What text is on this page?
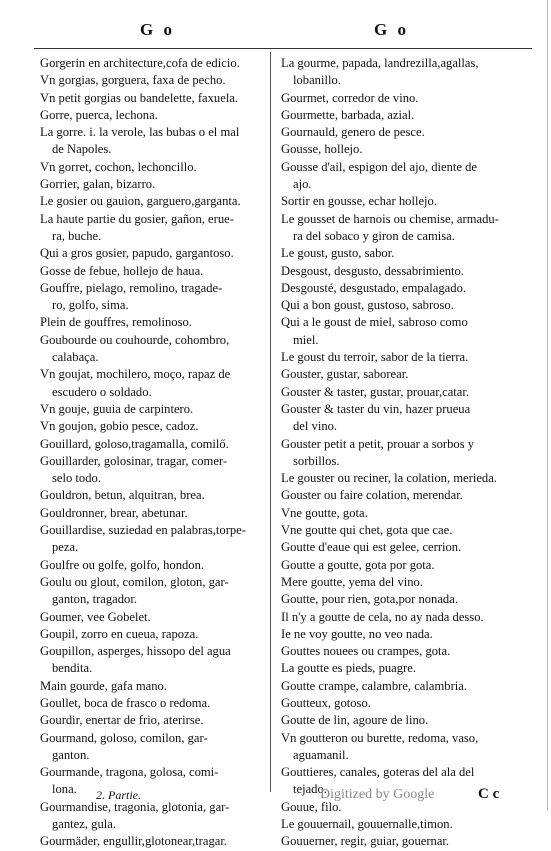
G o	G o
Gorgerin en architecture,cofa de edicio.
Vn gorgias, gorguera, faxa de pecho.
Vn petit gorgias ou bandelette, faxuela.
Gorre, puerca, lechona.
La gorre. i. la verole, las bubas o el mal
de Napoles.
Vn gorret, cochon, lechoncillo.
Gorrier, galan, bizarro.
Le gosier ou gauion, garguero,garganta.
La haute partie du gosier, gañon, erue-
ra, buche.
Qui a gros gosier, papudo, gargantoso.
Gosse de febue, hollejo de haua.
Gouffre, pielago, remolino, tragade-
ro, golfo, sima.
Plein de gouffres, remolinoso.
Goubourde ou couhourde, cohombro,
calabaça.
Vn goujat, mochilero, moço, rapaz de
escudero o soldado.
Vn gouje, guuia de carpintero.
Vn goujon, gobio pesce, cadoz.
Gouillard, goloso,tragamalla, comilő.
Gouillarder, golosinar, tragar, comer-
selo todo.
Gouldron, betun, alquitran, brea.
Gouldronner, brear, abetunar.
Gouillardise, suziedad en palabras,torpe-
peza.
Goulfre ou golfe, golfo, hondon.
Goulu ou glout, comilon, gloton, gar-
ganton, tragador.
Goumer, vee Gobelet.
Goupil, zorro en cueua, rapoza.
Goupillon, asperges, hissopo del agua
bendita.
Main gourde, gafa mano.
Goullet, boca de frasco o redoma.
Gourdir, enertar de frio, aterirse.
Gourmand, goloso, comilon, gar-
ganton.
Gourmande, tragona, golosa, comi-
lona.
Gourmandise, tragonia, glotonia, gar-
gantez, gula.
Gourmäder, engullir,glotonear,tragar.
La gourme, papada, landrezilla,agallas,
lobanillo.
Gourmet, corredor de vino.
Gourmette, barbada, azial.
Gournauld, genero de pesce.
Gousse, hollejo.
Gousse d'ail, espigon del ajo, diente de
ajo.
Sortir en gousse, echar hollejo.
Le gousset de harnois ou chemise, armadu-
ra del sobaco y giron de camisa.
Le goust, gusto, sabor.
Desgoust, desgusto, dessabrimiento.
Desgousté, desgustado, empalagado.
Qui a bon goust, gustoso, sabroso.
Qui a le goust de miel, sabroso como
miel.
Le goust du terroir, sabor de la tierra.
Gouster, gustar, saborear.
Gouster & taster, gustar, prouar,catar.
Gouster & taster du vin, hazer prueua
del vino.
Gouster petit a petit, prouar a sorbos y
sorbillos.
Le gouster ou reciner, la colation, merieda.
Gouster ou faire colation, merendar.
Vne goutte, gota.
Vne goutte qui chet, gota que cae.
Goutte d'eaue qui est gelee, cerrion.
Goutte a goutte, gota por gota.
Mere goutte, yema del vino.
Goutte, pour rien, gota,por nonada.
Il n'y a goutte de cela, no ay nada desso.
Ie ne voy goutte, no veo nada.
Gouttes nouees ou crampes, gota.
La goutte es pieds, puagre.
Goutte crampe, calambre, calambria.
Goutteux, gotoso.
Goutte de lin, agoure de lino.
Vn goutteron ou burette, redoma, vaso,
aguamanil.
Gouttieres, canales, goteras del ala del
tejado.
Gouue, filo.
Le gouuernail, gouuernalle,timon.
Gouuerner, regir, guiar, gouernar.
2. Partie.	Digitized by Google	C c
